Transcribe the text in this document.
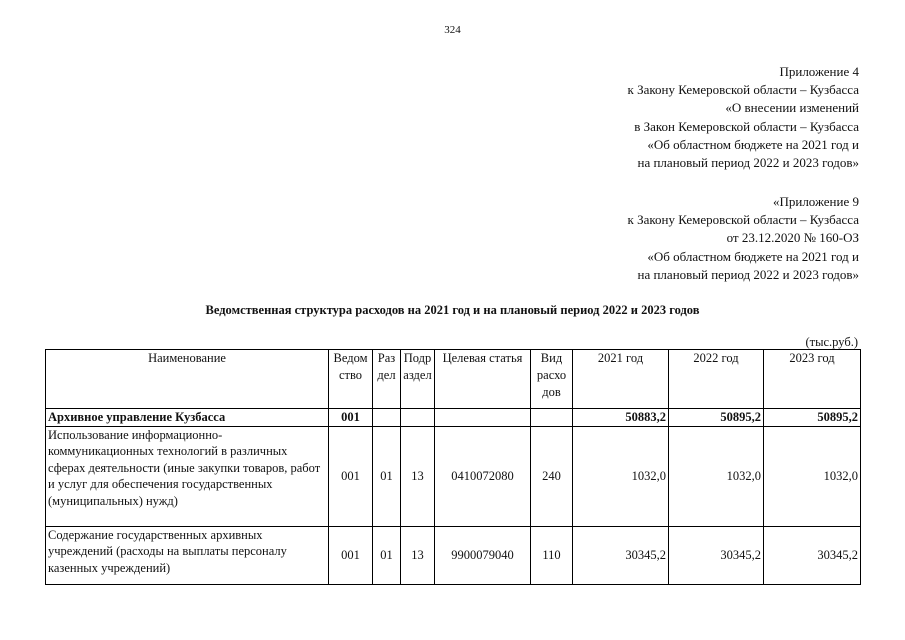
324
Приложение 4
к Закону Кемеровской области – Кузбасса
«О внесении изменений
в Закон Кемеровской области – Кузбасса
«Об областном бюджете на 2021 год и
на плановый период 2022 и 2023 годов»
«Приложение 9
к Закону Кемеровской области – Кузбасса
от 23.12.2020 № 160-ОЗ
«Об областном бюджете на 2021 год и
на плановый период 2022 и 2023 годов»
Ведомственная структура расходов на 2021 год и на плановый период 2022 и 2023 годов
(тыс.руб.)
Наименование	Ведом ство	Раз дел	Подр аздел	Целевая статья	Вид расхо дов	2021 год	2022 год	2023 год
Архивное управление Кузбасса	001					50883,2	50895,2	50895,2
Использование информационно-коммуникационных технологий в различных сферах деятельности (иные закупки товаров, работ и услуг для обеспечения государственных (муниципальных) нужд)	001	01	13	0410072080	240	1032,0	1032,0	1032,0
Содержание государственных архивных учреждений (расходы на выплаты персоналу казенных учреждений)	001	01	13	9900079040	110	30345,2	30345,2	30345,2
